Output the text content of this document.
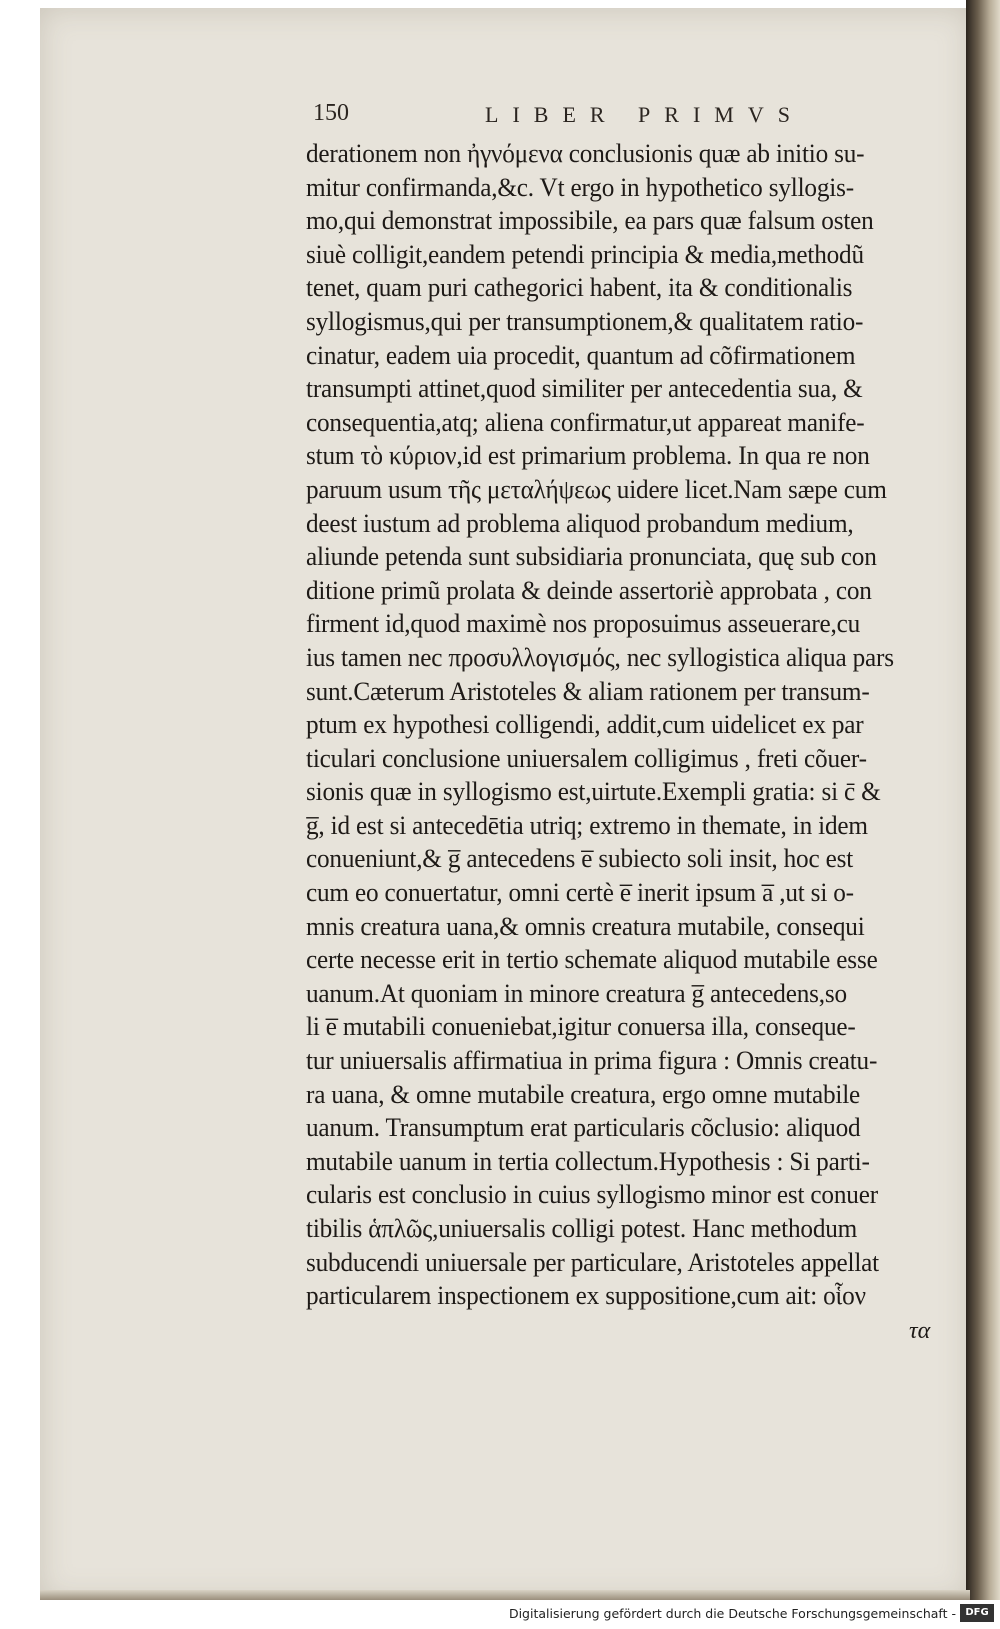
150	LIBER PRIMVS
derationem non ἠγνόμενα conclusionis quæ ab initio su-
mitur confirmanda,&c. Vt ergo in hypothetico syllogis-
mo,qui demonstrat impossibile, ea pars quæ falsum osten
siuè colligit,eandem petendi principia & media,methodũ
tenet, quam puri cathegorici habent, ita & conditionalis
syllogismus,qui per transumptionem,& qualitatem ratio-
cinatur, eadem uia procedit, quantum ad cõfirmationem
transumpti attinet,quod similiter per antecedentia sua, &
consequentia,atq; aliena confirmatur,ut appareat manife-
stum τὸ κύριον,id est primarium problema. In qua re non
paruum usum τῆς μεταλήψεως uidere licet.Nam sæpe cum
deest iustum ad problema aliquod probandum medium,
aliunde petenda sunt subsidiaria pronunciata, quę sub con
ditione primũ prolata & deinde assertoriè approbata , con
firment id,quod maximè nos proposuimus asseuerare,cu
ius tamen nec προσυλλογισμός, nec syllogistica aliqua pars
sunt.Cæterum Aristoteles & aliam rationem per transum-
ptum ex hypothesi colligendi, addit,cum uidelicet ex par
ticulari conclusione uniuersalem colligimus , freti cõuer-
sionis quæ in syllogismo est,uirtute.Exempli gratia: si c̄ &
g̅, id est si antecedētia utriq; extremo in themate, in idem
conueniunt,& g̅ antecedens e̅ subiecto soli insit, hoc est
cum eo conuertatur, omni certè e̅ inerit ipsum a̅ ,ut si o-
mnis creatura uana,& omnis creatura mutabile, consequi
certe necesse erit in tertio schemate aliquod mutabile esse
uanum.At quoniam in minore creatura g̅ antecedens,so
li e̅ mutabili conueniebat,igitur conuersa illa, conseque-
tur uniuersalis affirmatiua in prima figura : Omnis creatu-
ra uana, & omne mutabile creatura, ergo omne mutabile
uanum. Transumptum erat particularis cõclusio: aliquod
mutabile uanum in tertia collectum.Hypothesis : Si parti-
cularis est conclusio in cuius syllogismo minor est conuer
tibilis ἁπλῶς,uniuersalis colligi potest. Hanc methodum
subducendi uniuersale per particulare, Aristoteles appellat
particularem inspectionem ex suppositione,cum ait: οἷον
τα
Digitalisierung gefördert durch die Deutsche Forschungsgemeinschaft - DFG
